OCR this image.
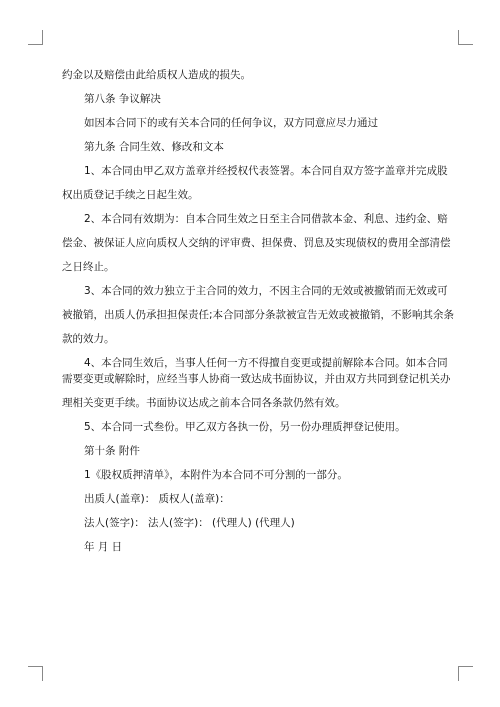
约金以及赔偿由此给质权人造成的损失。

第八条 争议解决

如因本合同下的或有关本合同的任何争议，双方同意应尽力通过

第九条 合同生效、修改和文本

1、本合同由甲乙双方盖章并经授权代表签署。本合同自双方签字盖章并完成股

权出质登记手续之日起生效。

2、本合同有效期为：自本合同生效之日至主合同借款本金、利息、违约金、赔

偿金、被保证人应向质权人交纳的评审费、担保费、罚息及实现债权的费用全部清偿

之日终止。

3、本合同的效力独立于主合同的效力，不因主合同的无效或被撤销而无效或可

被撤销，出质人仍承担担保责任;本合同部分条款被宣告无效或被撤销，不影响其余条

款的效力。

4、本合同生效后，当事人任何一方不得擅自变更或提前解除本合同。如本合同

需要变更或解除时，应经当事人协商一致达成书面协议，并由双方共同到登记机关办

理相关变更手续。书面协议达成之前本合同各条款仍然有效。

5、本合同一式叁份。甲乙双方各执一份，另一份办理质押登记使用。

第十条 附件

1《股权质押清单》，本附件为本合同不可分割的一部分。

出质人(盖章)： 质权人(盖章)：

法人(签字)： 法人(签字)： (代理人) (代理人)

年 月 日
